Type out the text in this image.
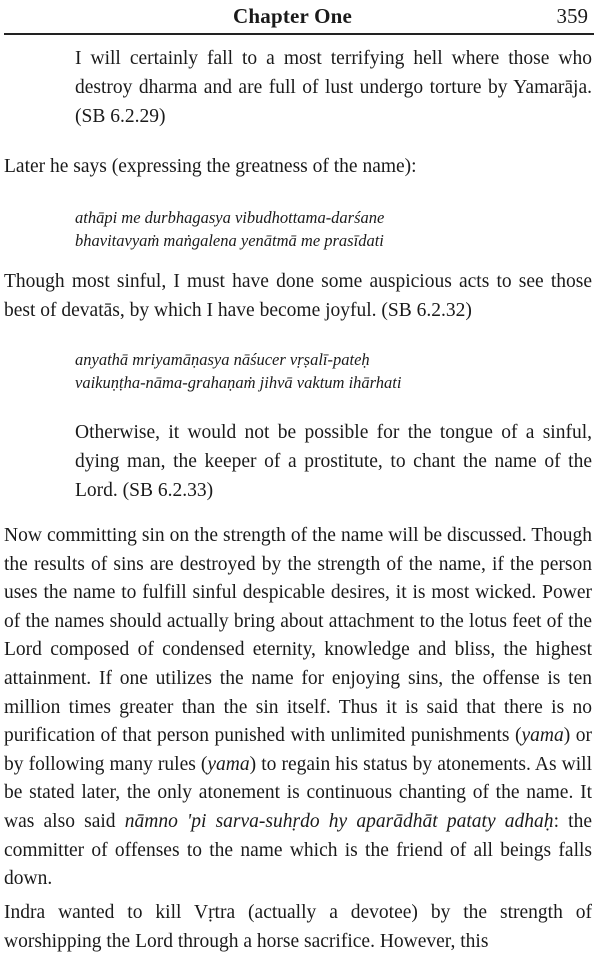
Chapter One	359

I will certainly fall to a most terrifying hell where those who destroy dharma and are full of lust undergo torture by Yamarāja. (SB 6.2.29)

Later he says (expressing the greatness of the name):

athāpi me durbhagasya vibudhottama-darśane
bhavitavyaṁ maṅgalena yenātmā me prasīdati

Though most sinful, I must have done some auspicious acts to see those best of devatās, by which I have become joyful. (SB 6.2.32)

anyathā mriyamāṇasya nāśucer vṛṣalī-pateḥ
vaikuṇṭha-nāma-grahaṇaṁ jihvā vaktum ihārhati

Otherwise, it would not be possible for the tongue of a sinful, dying man, the keeper of a prostitute, to chant the name of the Lord. (SB 6.2.33)

Now committing sin on the strength of the name will be discussed. Though the results of sins are destroyed by the strength of the name, if the person uses the name to fulfill sinful despicable desires, it is most wicked. Power of the names should actually bring about attachment to the lotus feet of the Lord composed of condensed eternity, knowledge and bliss, the highest attainment. If one utilizes the name for enjoying sins, the offense is ten million times greater than the sin itself. Thus it is said that there is no purification of that person punished with unlimited punishments (yama) or by following many rules (yama) to regain his status by atonements. As will be stated later, the only atonement is continuous chanting of the name. It was also said nāmno 'pi sarva-suhṛdo hy aparādhāt pataty adhaḥ: the committer of offenses to the name which is the friend of all beings falls down.

Indra wanted to kill Vṛtra (actually a devotee) by the strength of worshipping the Lord through a horse sacrifice. However, this
